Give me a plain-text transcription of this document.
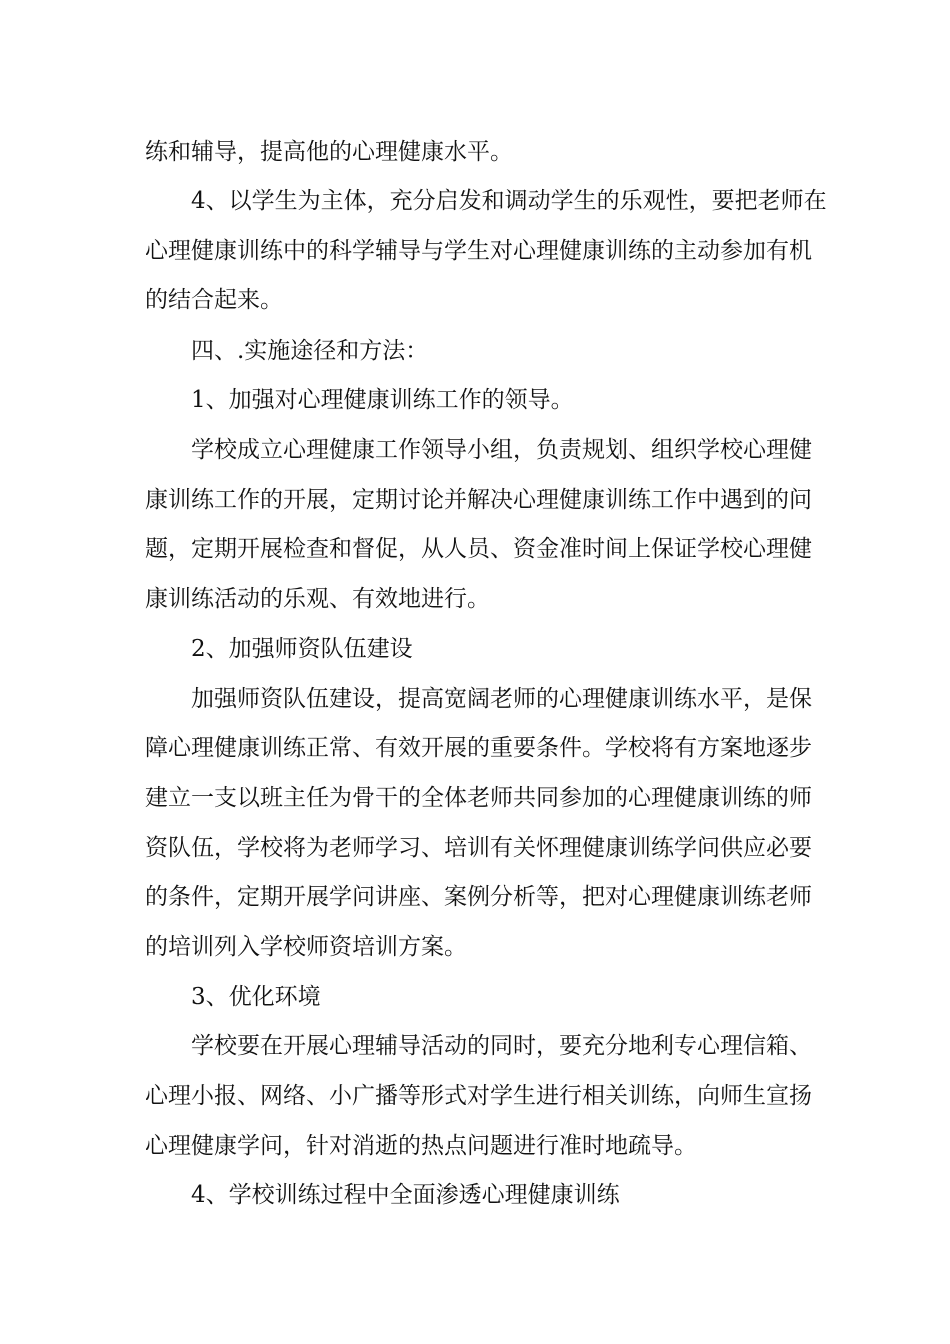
练和辅导，提高他的心理健康水平。
4、以学生为主体，充分启发和调动学生的乐观性，要把老师在
心理健康训练中的科学辅导与学生对心理健康训练的主动参加有机
的结合起来。
四、.实施途径和方法：
1、加强对心理健康训练工作的领导。
学校成立心理健康工作领导小组，负责规划、组织学校心理健
康训练工作的开展，定期讨论并解决心理健康训练工作中遇到的问
题，定期开展检查和督促，从人员、资金准时间上保证学校心理健
康训练活动的乐观、有效地进行。
2、加强师资队伍建设
加强师资队伍建设，提高宽阔老师的心理健康训练水平，是保
障心理健康训练正常、有效开展的重要条件。学校将有方案地逐步
建立一支以班主任为骨干的全体老师共同参加的心理健康训练的师
资队伍，学校将为老师学习、培训有关怀理健康训练学问供应必要
的条件，定期开展学问讲座、案例分析等，把对心理健康训练老师
的培训列入学校师资培训方案。
3、优化环境
学校要在开展心理辅导活动的同时，要充分地利专心理信箱、
心理小报、网络、小广播等形式对学生进行相关训练，向师生宣扬
心理健康学问，针对消逝的热点问题进行准时地疏导。
4、学校训练过程中全面渗透心理健康训练
